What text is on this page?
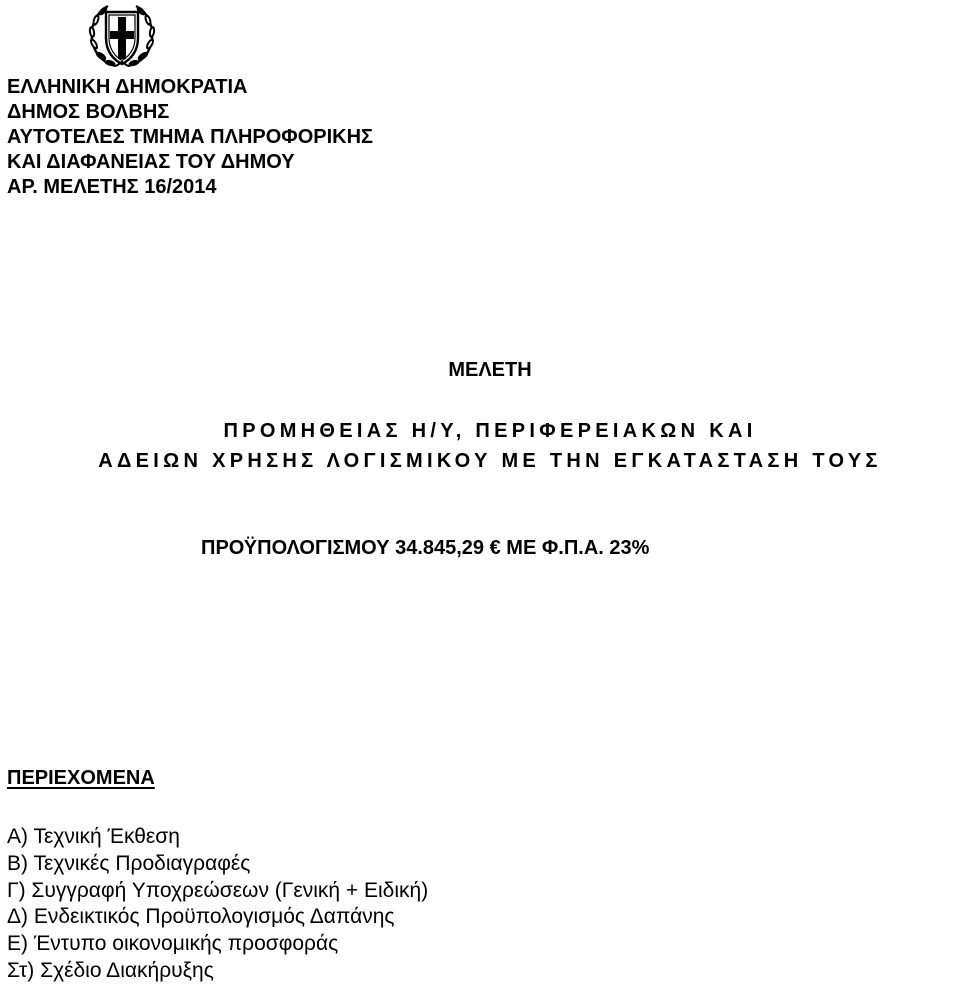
ΕΛΛΗΝΙΚΗ ΔΗΜΟΚΡΑΤΙΑ
ΔΗΜΟΣ ΒΟΛΒΗΣ
ΑΥΤΟΤΕΛΕΣ ΤΜΗΜΑ ΠΛΗΡΟΦΟΡΙΚΗΣ
ΚΑΙ ΔΙΑΦΑΝΕΙΑΣ ΤΟΥ ΔΗΜΟΥ
ΑΡ. ΜΕΛΕΤΗΣ 16/2014
ΜΕΛΕΤΗ
ΠΡΟΜΗΘΕΙΑΣ Η/Υ, ΠΕΡΙΦΕΡΕΙΑΚΩΝ ΚΑΙ
ΑΔΕΙΩΝ ΧΡΗΣΗΣ ΛΟΓΙΣΜΙΚΟΥ ΜΕ ΤΗΝ ΕΓΚΑΤΑΣΤΑΣΗ ΤΟΥΣ
ΠΡΟΫΠΟΛΟΓΙΣΜΟΥ 34.845,29 € ΜΕ Φ.Π.Α. 23%
ΠΕΡΙΕΧΟΜΕΝΑ
Α) Τεχνική Έκθεση
Β) Τεχνικές Προδιαγραφές
Γ) Συγγραφή Υποχρεώσεων (Γενική + Ειδική)
Δ) Ενδεικτικός Προϋπολογισμός Δαπάνης
Ε) Έντυπο οικονομικής προσφοράς
Στ) Σχέδιο Διακήρυξης
